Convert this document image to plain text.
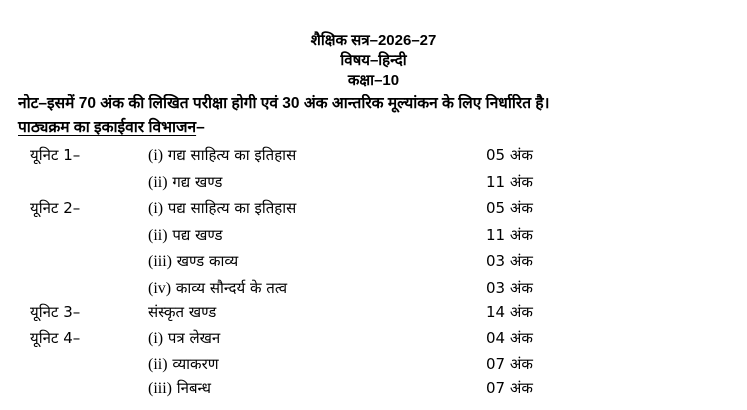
शैक्षिक सत्र–2026–27
विषय–हिन्दी
कक्षा–10
नोट–इसमें 70 अंक की लिखित परीक्षा होगी एवं 30 अंक आन्तरिक मूल्यांकन के लिए निर्धारित है।
पाठ्यक्रम का इकाईवार विभाजन–
यूनिट 1–	(i) गद्य साहित्य का इतिहास	05 अंक
(ii) गद्य खण्ड	11 अंक
यूनिट 2–	(i) पद्य साहित्य का इतिहास	05 अंक
(ii) पद्य खण्ड	11 अंक
(iii) खण्ड काव्य	03 अंक
(iv) काव्य सौन्दर्य के तत्व	03 अंक
यूनिट 3–	संस्कृत खण्ड	14 अंक
यूनिट 4–	(i) पत्र लेखन	04 अंक
(ii) व्याकरण	07 अंक
(iii) निबन्ध	07 अंक
